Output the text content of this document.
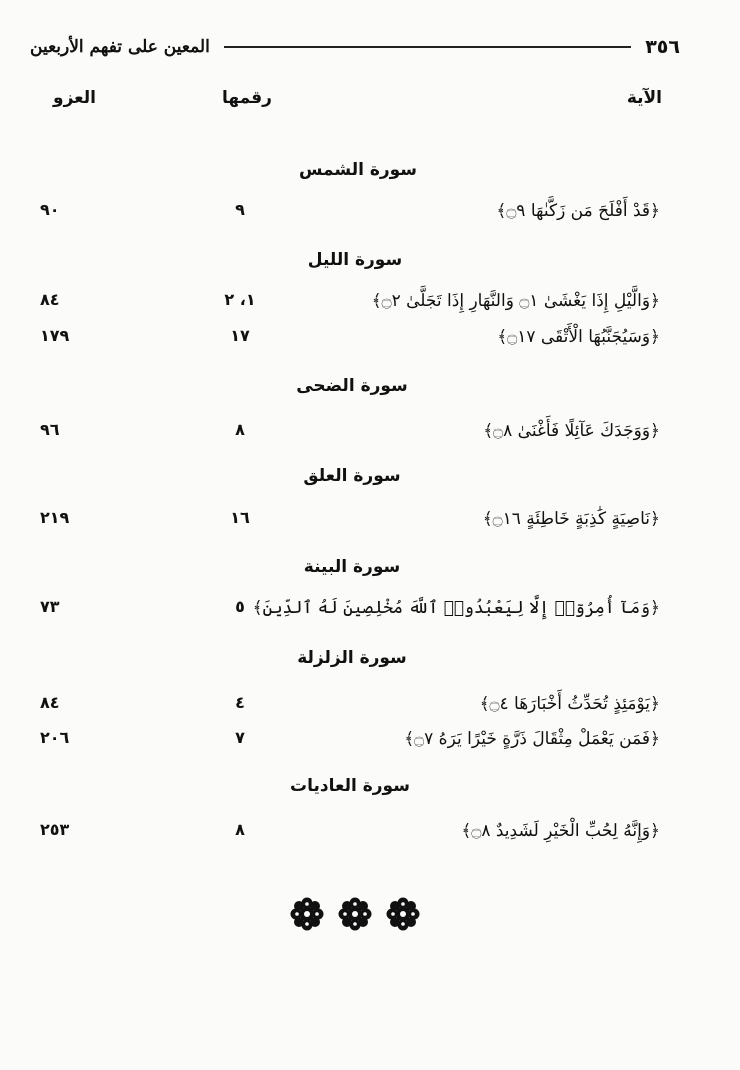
٣٥٦
المعين على تفهم الأربعين
الآية
رقمها
العزو
سورة الشمس
﴿قَدْ أَفْلَحَ مَن زَكَّىٰهَا ۝٩﴾
٩
٩٠
سورة الليل
﴿وَالَّيْلِ إِذَا يَغْشَىٰ ۝١ وَالنَّهَارِ إِذَا تَجَلَّىٰ ۝٢﴾
١، ٢
٨٤
﴿وَسَيُجَنَّبُهَا الْأَتْقَى ۝١٧﴾
١٧
١٧٩
سورة الضحى
﴿وَوَجَدَكَ عَآئِلًا فَأَغْنَىٰ ۝٨﴾
٨
٩٦
سورة العلق
﴿نَاصِيَةٍ كَٰذِبَةٍ خَاطِئَةٍ ۝١٦﴾
١٦
٢١٩
سورة البينة
﴿وَمَآ أُمِرُوٓا۟ إِلَّا لِيَعْبُدُوا۟ ٱللَّهَ مُخْلِصِينَ لَهُ ٱلدِّينَ﴾
٥
٧٣
سورة الزلزلة
﴿يَوْمَئِذٍ تُحَدِّثُ أَخْبَارَهَا ۝٤﴾
٤
٨٤
﴿فَمَن يَعْمَلْ مِثْقَالَ ذَرَّةٍ خَيْرًا يَرَهُ ۝٧﴾
٧
٢٠٦
سورة العاديات
﴿وَإِنَّهُ لِحُبِّ الْخَيْرِ لَشَدِيدٌ ۝٨﴾
٨
٢٥٣
